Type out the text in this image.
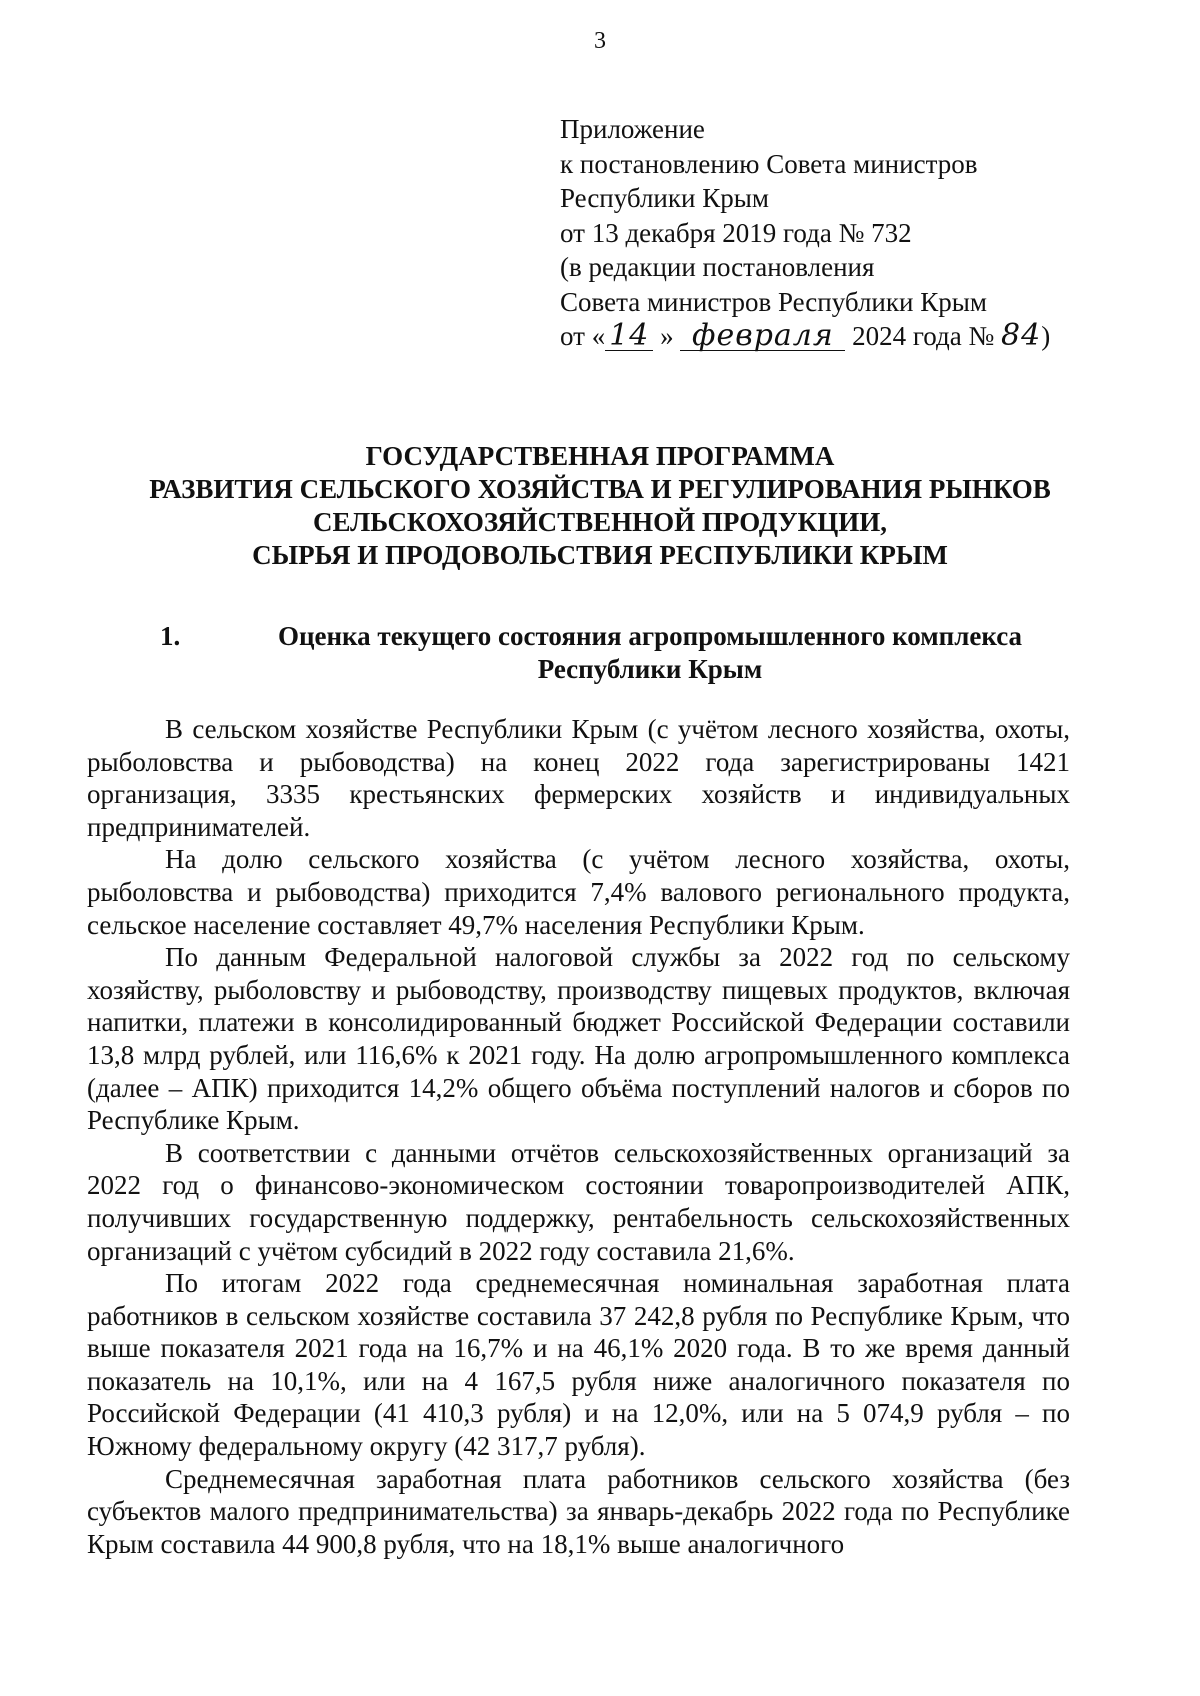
3
Приложение
к постановлению Совета министров
Республики Крым
от 13 декабря 2019 года № 732
(в редакции постановления
Совета министров Республики Крым
от « 14 » февраля 2024 года № 84)
ГОСУДАРСТВЕННАЯ ПРОГРАММА
РАЗВИТИЯ СЕЛЬСКОГО ХОЗЯЙСТВА И РЕГУЛИРОВАНИЯ РЫНКОВ
СЕЛЬСКОХОЗЯЙСТВЕННОЙ ПРОДУКЦИИ,
СЫРЬЯ И ПРОДОВОЛЬСТВИЯ РЕСПУБЛИКИ КРЫМ
1.	Оценка текущего состояния агропромышленного комплекса
Республики Крым

В сельском хозяйстве Республики Крым (с учётом лесного хозяйства, охоты, рыболовства и рыбоводства) на конец 2022 года зарегистрированы 1421 организация, 3335 крестьянских фермерских хозяйств и индивидуальных предпринимателей.

На долю сельского хозяйства (с учётом лесного хозяйства, охоты, рыболовства и рыбоводства) приходится 7,4% валового регионального продукта, сельское население составляет 49,7% населения Республики Крым.

По данным Федеральной налоговой службы за 2022 год по сельскому хозяйству, рыболовству и рыбоводству, производству пищевых продуктов, включая напитки, платежи в консолидированный бюджет Российской Федерации составили 13,8 млрд рублей, или 116,6% к 2021 году. На долю агропромышленного комплекса (далее – АПК) приходится 14,2% общего объёма поступлений налогов и сборов по Республике Крым.

В соответствии с данными отчётов сельскохозяйственных организаций за 2022 год о финансово-экономическом состоянии товаропроизводителей АПК, получивших государственную поддержку, рентабельность сельскохозяйственных организаций с учётом субсидий в 2022 году составила 21,6%.

По итогам 2022 года среднемесячная номинальная заработная плата работников в сельском хозяйстве составила 37 242,8 рубля по Республике Крым, что выше показателя 2021 года на 16,7% и на 46,1% 2020 года. В то же время данный показатель на 10,1%, или на 4 167,5 рубля ниже аналогичного показателя по Российской Федерации (41 410,3 рубля) и на 12,0%, или на 5 074,9 рубля – по Южному федеральному округу (42 317,7 рубля).

Среднемесячная заработная плата работников сельского хозяйства (без субъектов малого предпринимательства) за январь-декабрь 2022 года по Республике Крым составила 44 900,8 рубля, что на 18,1% выше аналогичного
